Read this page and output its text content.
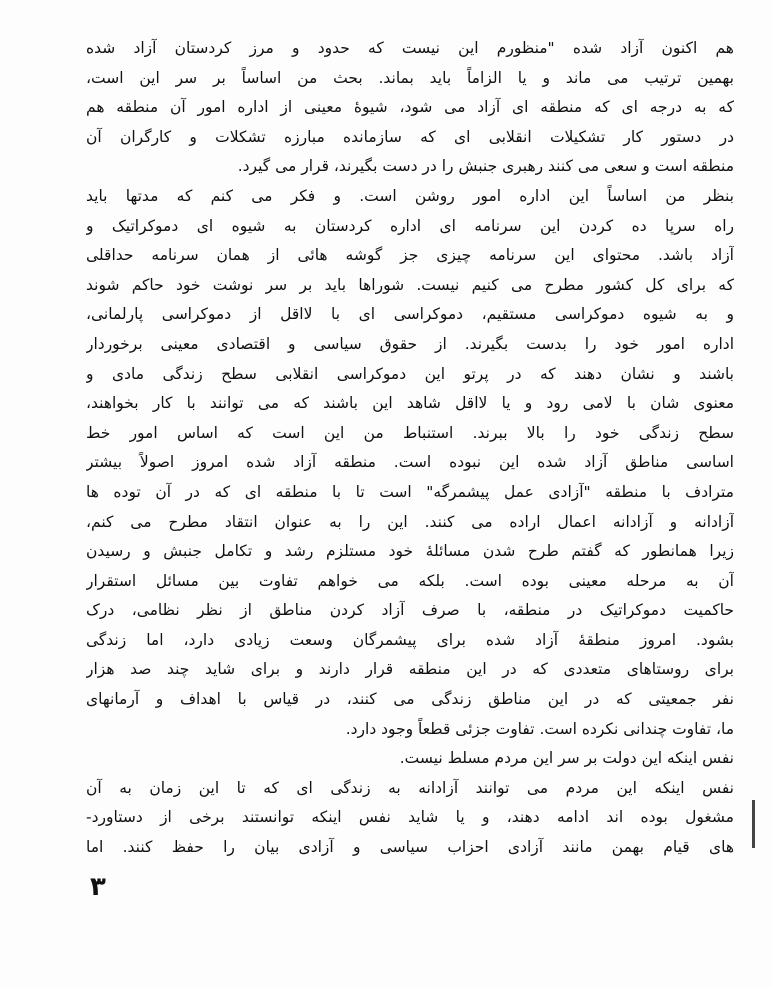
هم اکنون آزاد شده "منظورم این نیست که حدود و مرز کردستان آزاد شده
بهمین ترتیب می ماند و یا الزاماً باید بماند. بحث من اساساً بر سر این است،
که به درجه ای که منطقه ای آزاد می شود، شیوهٔ معینی از اداره امور آن منطقه هم
در دستور کار تشکیلات انقلابی ای که سازمانده مبارزه تشکلات و کارگران آن
منطقه است و سعی می کنند رهبری جنبش را در دست بگیرند، قرار می گیرد.
بنظر من اساساً این اداره امور روشن است. و فکر می کنم که مدتها باید
راه سرپا ده کردن این سرنامه ای اداره کردستان به شیوه ای دموکراتیک و
آزاد باشد. محتوای این سرنامه چیزی جز گوشه هائی از همان سرنامه حداقلی
که برای کل کشور مطرح می کنیم نیست. شوراها باید بر سر نوشت خود حاکم شوند
و به شیوه دموکراسی مستقیم، دموکراسی ای با لااقل از دموکراسی پارلمانی،
اداره امور خود را بدست بگیرند. از حقوق سیاسی و اقتصادی معینی برخوردار
باشند و نشان دهند که در پرتو این دموکراسی انقلابی سطح زندگی مادی و
معنوی شان با لامی رود و یا لااقل شاهد این باشند که می توانند با کار بخواهند،
سطح زندگی خود را بالا ببرند. استنباط من این است که اساس امور خط
اساسی مناطق آزاد شده این نبوده است. منطقه آزاد شده امروز اصولاً بیشتر
مترادف با منطقه "آزادی عمل پیشمرگه" است تا با منطقه ای که در آن توده ها
آزادانه و آزادانه اعمال اراده می کنند. این را به عنوان انتقاد مطرح می کنم،
زیرا همانطور که گفتم طرح شدن مسائلهٔ خود مستلزم رشد و تکامل جنبش و رسیدن
آن به مرحله معینی بوده است. بلکه می خواهم تفاوت بین مسائل استقرار
حاکمیت دموکراتیک در منطقه، با صرف آزاد کردن مناطق از نظر نظامی، درک
بشود. امروز منطقهٔ آزاد شده برای پیشمرگان وسعت زیادی دارد، اما زندگی
برای روستاهای متعددی که در این منطقه قرار دارند و برای شاید چند صد هزار
نفر جمعیتی که در این مناطق زندگی می کنند، در قیاس با اهداف و آرمانهای
ما، تفاوت چندانی نکرده است. تفاوت جزئی قطعاً وجود دارد.
نفس اینکه این دولت بر سر این مردم مسلط نیست.
نفس اینکه این مردم می توانند آزادانه به زندگی ای که تا این زمان به آن
مشغول بوده اند ادامه دهند، و یا شاید نفس اینکه توانستند برخی از دستاورد-
های قیام بهمن مانند آزادی احزاب سیاسی و آزادی بیان را حفظ کنند. اما
۳
